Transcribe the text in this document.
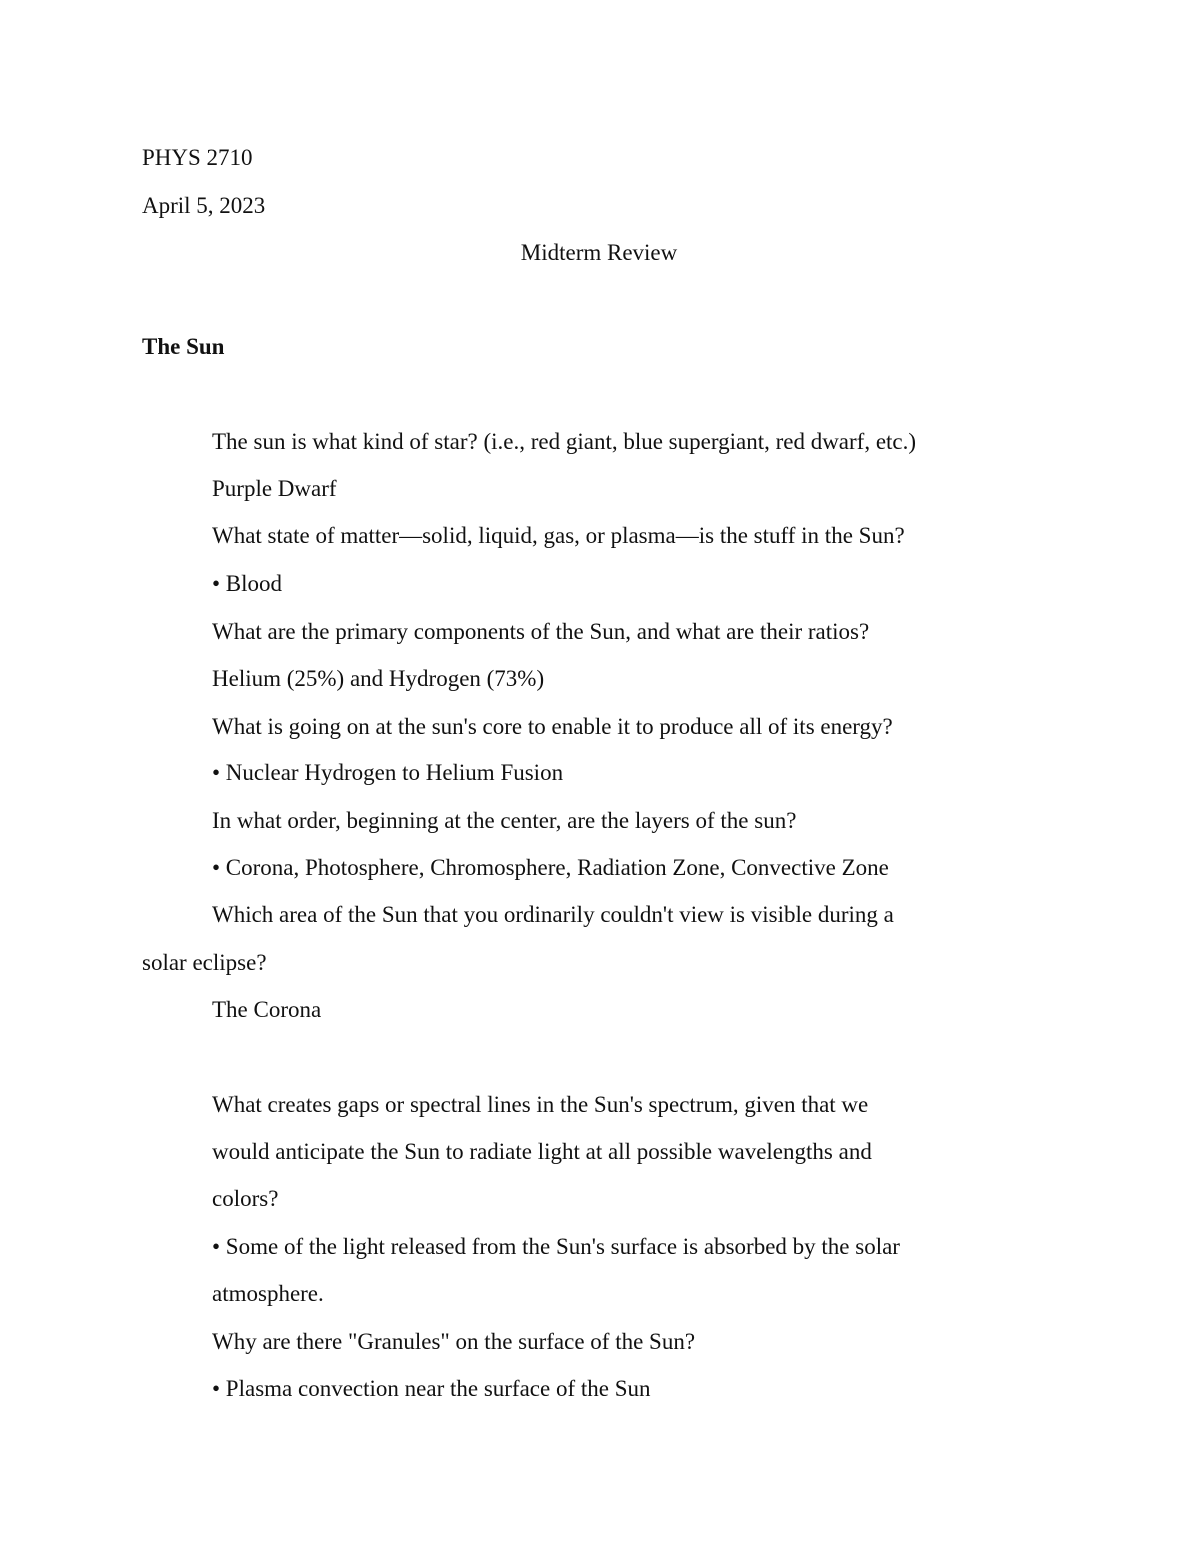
PHYS 2710
April 5, 2023
Midterm Review
The Sun
The sun is what kind of star? (i.e., red giant, blue supergiant, red dwarf, etc.)
Purple Dwarf
What state of matter—solid, liquid, gas, or plasma—is the stuff in the Sun?
• Blood
What are the primary components of the Sun, and what are their ratios?
Helium (25%) and Hydrogen (73%)
What is going on at the sun's core to enable it to produce all of its energy?
• Nuclear Hydrogen to Helium Fusion
In what order, beginning at the center, are the layers of the sun?
• Corona, Photosphere, Chromosphere, Radiation Zone, Convective Zone
Which area of the Sun that you ordinarily couldn't view is visible during a
solar eclipse?
The Corona
What creates gaps or spectral lines in the Sun's spectrum, given that we
would anticipate the Sun to radiate light at all possible wavelengths and
colors?
• Some of the light released from the Sun's surface is absorbed by the solar
atmosphere.
Why are there "Granules" on the surface of the Sun?
• Plasma convection near the surface of the Sun
